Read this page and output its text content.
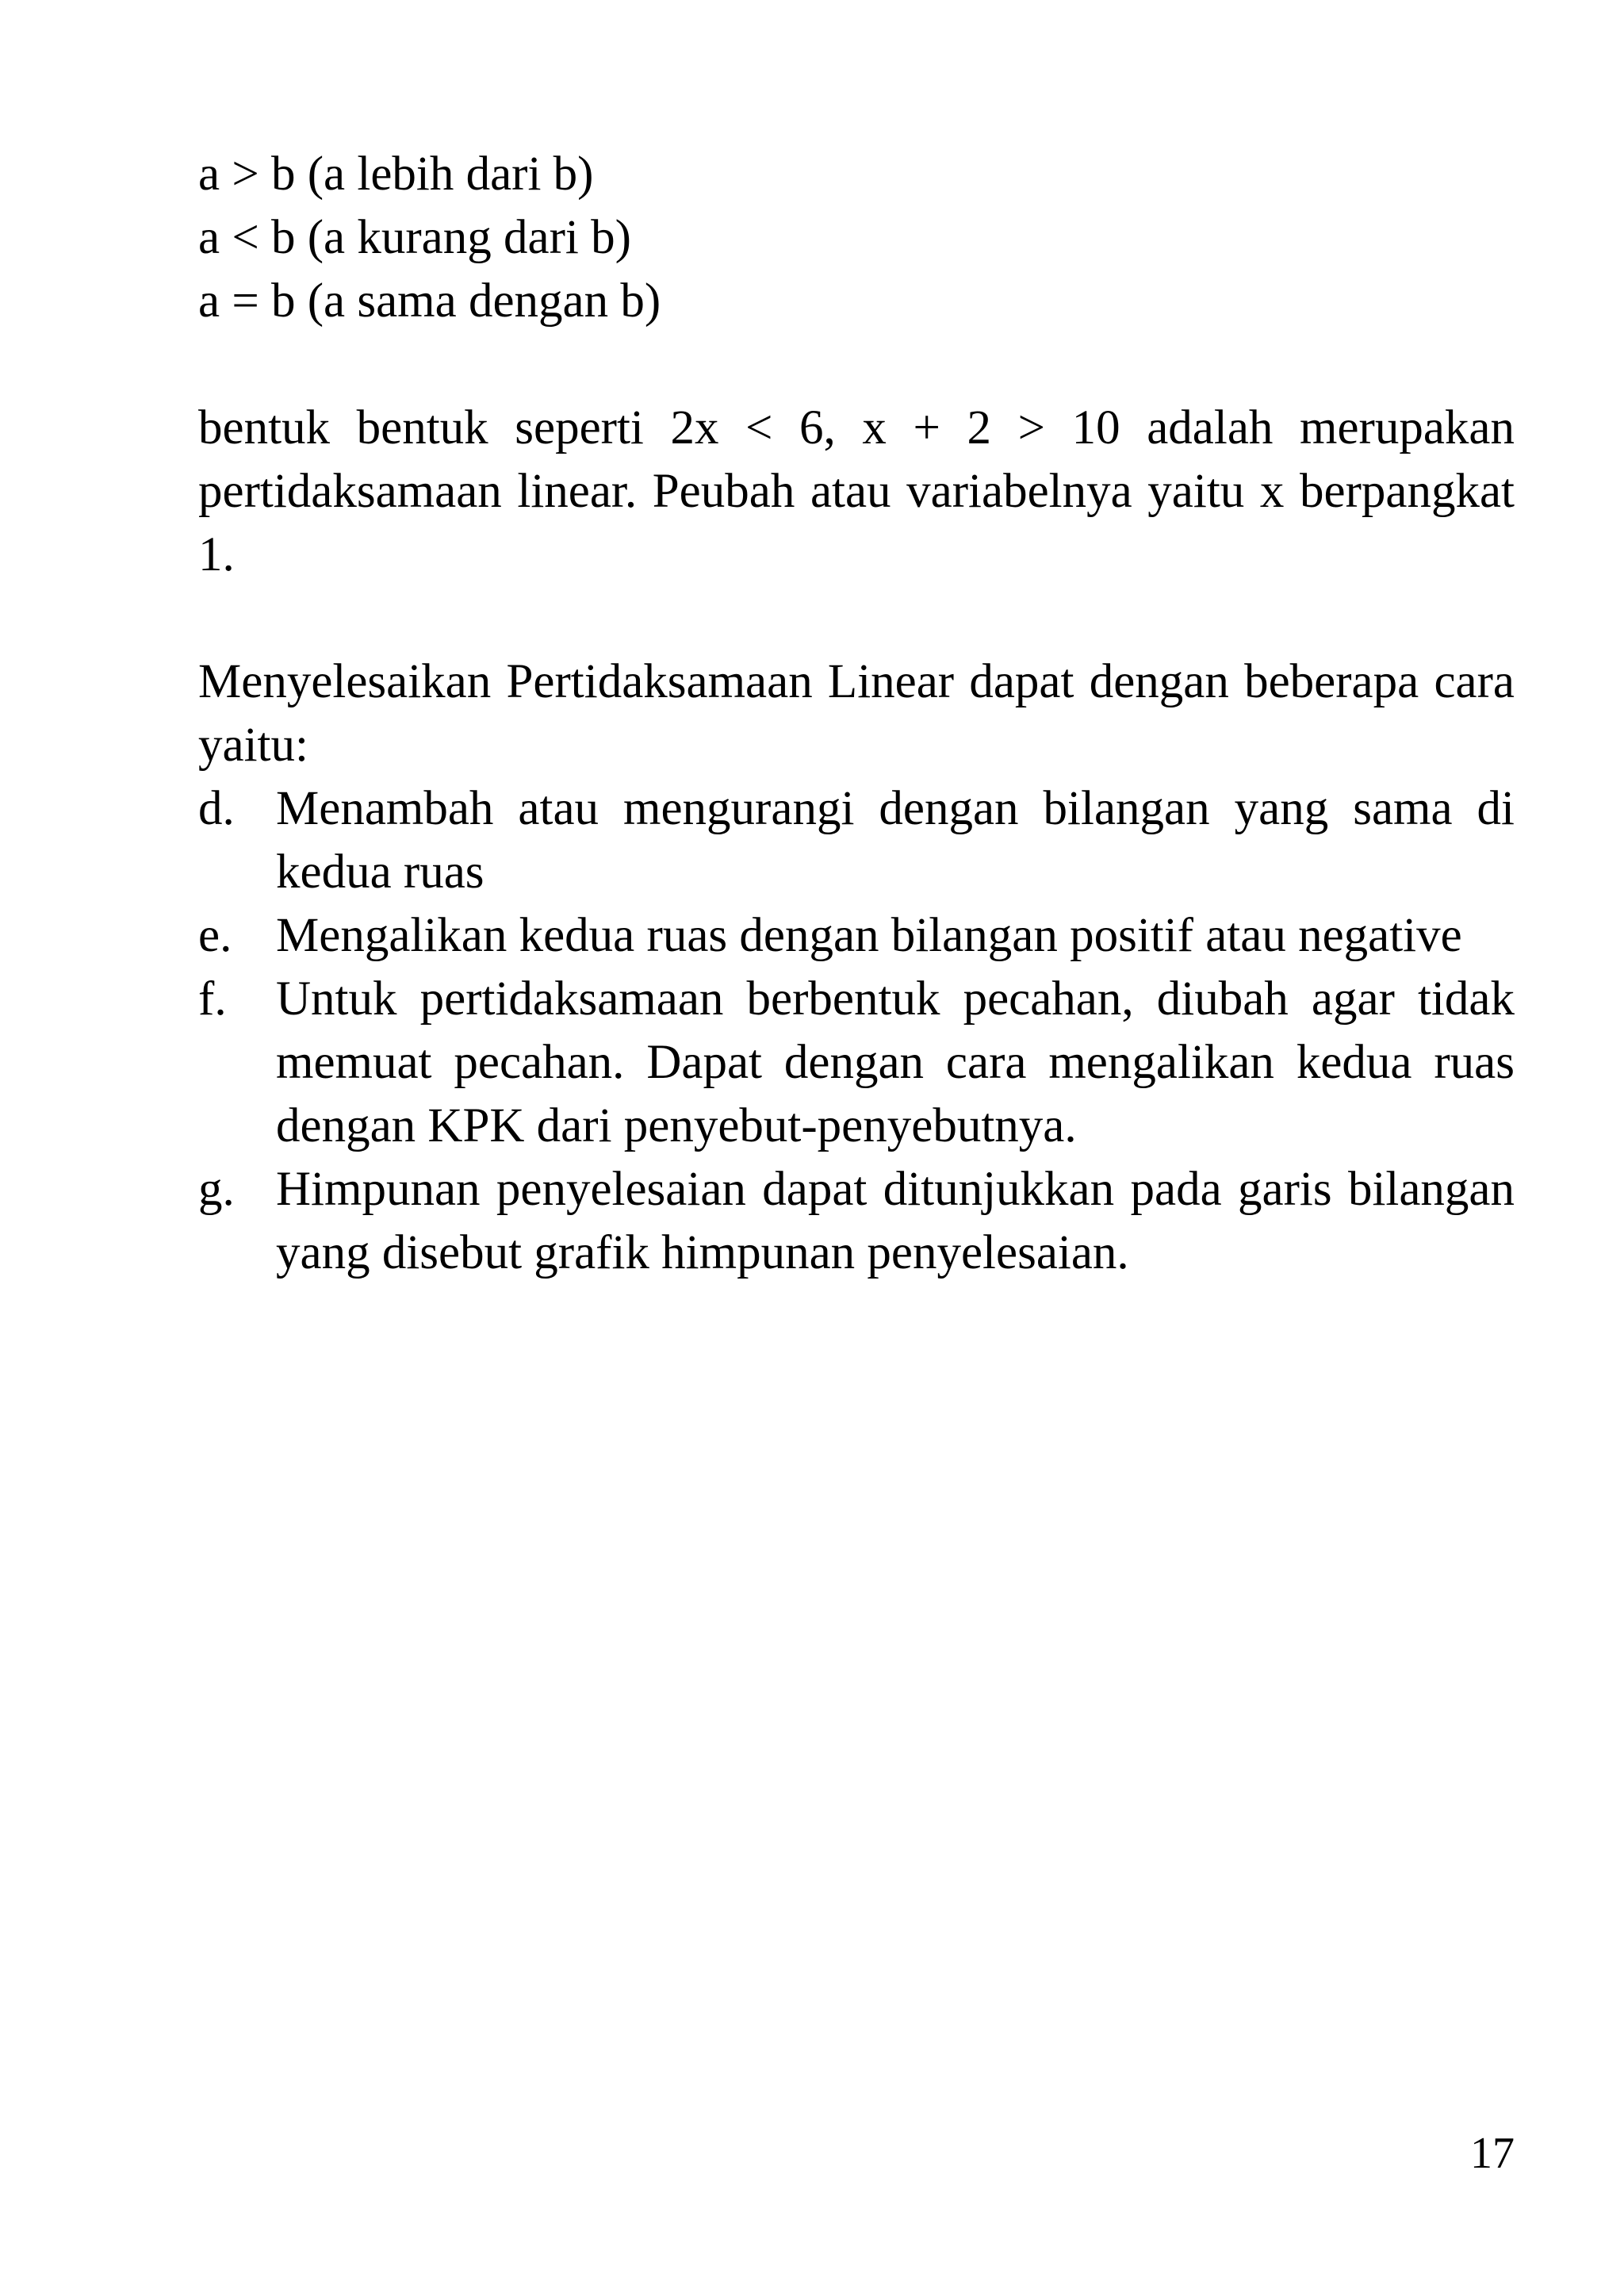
a > b (a lebih dari b)
a < b (a kurang dari b)
a = b (a sama dengan b)

bentuk bentuk seperti 2x < 6, x + 2 > 10 adalah merupakan pertidaksamaan linear. Peubah atau variabelnya yaitu x berpangkat 1.

Menyelesaikan Pertidaksamaan Linear dapat dengan beberapa cara yaitu:

d. Menambah atau mengurangi dengan bilangan yang sama di kedua ruas
e. Mengalikan kedua ruas dengan bilangan positif atau negative
f. Untuk pertidaksamaan berbentuk pecahan, diubah agar tidak memuat pecahan. Dapat dengan cara mengalikan kedua ruas dengan KPK dari penyebut-penyebutnya.
g. Himpunan penyelesaian dapat ditunjukkan pada garis bilangan yang disebut grafik himpunan penyelesaian.
17
